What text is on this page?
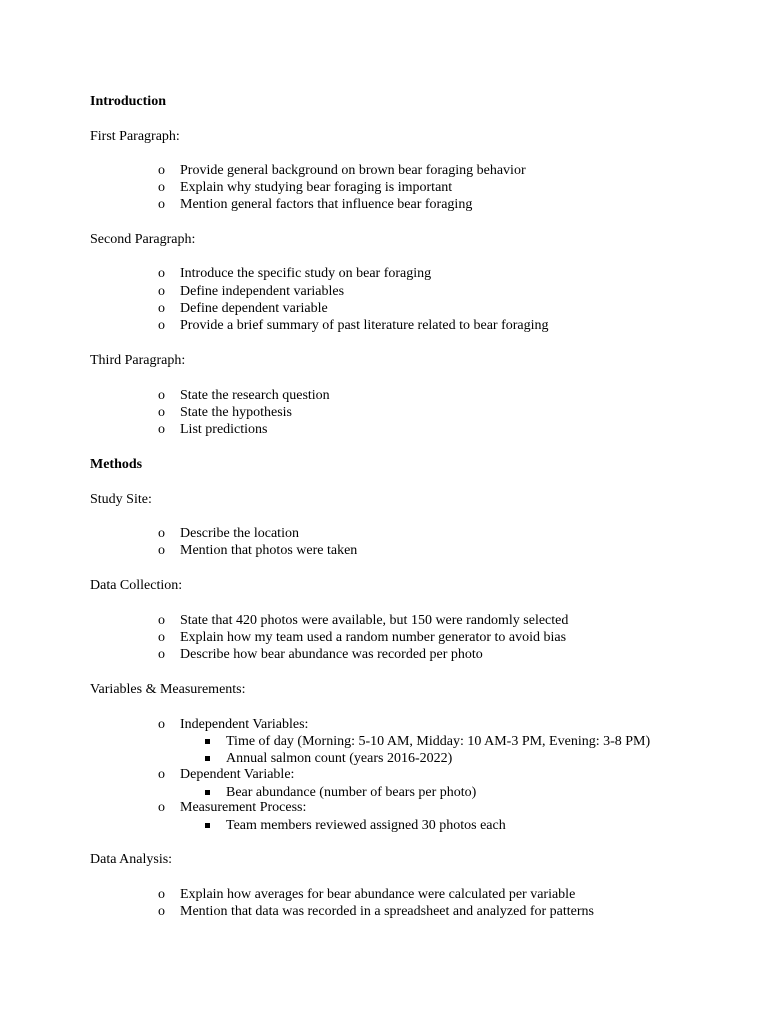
Introduction
First Paragraph:
o Provide general background on brown bear foraging behavior
o Explain why studying bear foraging is important
o Mention general factors that influence bear foraging
Second Paragraph:
o Introduce the specific study on bear foraging
o Define independent variables
o Define dependent variable
o Provide a brief summary of past literature related to bear foraging
Third Paragraph:
o State the research question
o State the hypothesis
o List predictions
Methods
Study Site:
o Describe the location
o Mention that photos were taken
Data Collection:
o State that 420 photos were available, but 150 were randomly selected
o Explain how my team used a random number generator to avoid bias
o Describe how bear abundance was recorded per photo
Variables & Measurements:
o Independent Variables:
Time of day (Morning: 5-10 AM, Midday: 10 AM-3 PM, Evening: 3-8 PM)
Annual salmon count (years 2016-2022)
o Dependent Variable:
Bear abundance (number of bears per photo)
o Measurement Process:
Team members reviewed assigned 30 photos each
Data Analysis:
o Explain how averages for bear abundance were calculated per variable
o Mention that data was recorded in a spreadsheet and analyzed for patterns
